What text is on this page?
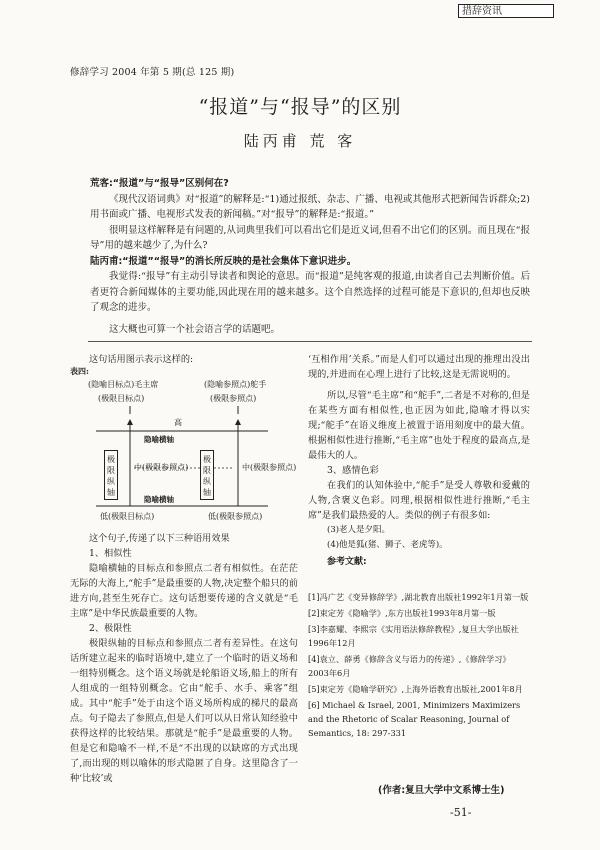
措辞资讯
修辞学习 2004 年第 5 期(总 125 期)
“报道”与“报导”的区别
陆丙甫 荒 客

荒客:“报道”与“报导”区别何在?

《现代汉语词典》对“报道”的解释是:“1)通过报纸、杂志、广播、电视或其他形式把新闻告诉群众;2)用书面或广播、电视形式发表的新闻稿。”对“报导”的解释是:“报道。”

很明显这样解释是有问题的,从词典里我们可以看出它们是近义词,但看不出它们的区别。而且现在“报导”用的越来越少了,为什么?

陆丙甫:“报道”“报导”的消长所反映的是社会集体下意识进步。

我觉得:“报导”有主动引导读者和舆论的意思。而“报道”是纯客观的报道,由读者自己去判断价值。后者更符合新闻媒体的主要功能,因此现在用的越来越多。这个自然选择的过程可能是下意识的,但却也反映了观念的进步。

这大概也可算一个社会语言学的话题吧。

这句话用图示表示这样的:

表四:
(隐喻目标点)毛主席
(极限目标点)
(隐喻参照点)舵手
(极限参照点)
高
隐喻横轴
极限纵轴
极限纵轴
中(极限参照点)	中(极限参照点)
隐喻横轴
低(极限目标点)	低(极限参照点)

这个句子,传递了以下三种语用效果

1、相似性

隐喻横轴的目标点和参照点二者有相似性。在茫茫无际的大海上,“舵手”是最重要的人物,决定整个船只的前进方向,甚至生死存亡。这句话想要传递的含义就是“毛主席”是中华民族最重要的人物。

2、极限性

极限纵轴的目标点和参照点二者有差异性。在这句话所建立起来的临时语境中,建立了一个临时的语义场和一组特别概念。这个语义场就是轮船语义场,船上的所有人组成的一组特别概念。它由“舵手、水手、乘客”组成。其中“舵手”处于由这个语义场所构成的梯尺的最高点。句子隐去了参照点,但是人们可以从日常认知经验中获得这样的比较结果。那就是“舵手”是最重要的人物。但是它和隐喻不一样,不是“不出现的以缺席的方式出现了,而出现的则以喻体的形式隐匿了自身。这里隐含了一种‘比较’或

‘互相作用’关系。”而是人们可以通过出现的推理出没出现的,并进而在心理上进行了比较,这是无需说明的。

所以,尽管“毛主席”和“舵手”,二者是不对称的,但是在某些方面有相似性,也正因为如此,隐喻才得以实现;“舵手”在语义维度上被置于语用刻度中的最大值。根据相似性进行推断,“毛主席”也处于程度的最高点,是最伟大的人。

3、感情色彩

在我们的认知体验中,“舵手”是受人尊敬和爱戴的人物,含褒义色彩。同理,根据相似性进行推断,“毛主席”是我们最热爱的人。类似的例子有很多如:

(3)老人是夕阳。

(4)他是狐(猪、狮子、老虎等)。

参考文献:

[1]冯广艺《变异修辞学》,湖北教育出版社1992年1月第一版

[2]束定芳《隐喻学》,东方出版社1993年8月第一版

[3]李嘉耀、李熙宗《实用语法修辞教程》,复旦大学出版社1996年12月

[4]袁立、薛勇《修辞含义与语力的传递》,《修辞学习》2003年6月

[5]束定芳《隐喻学研究》,上海外语教育出版社,2001年8月

[6] Michael & Israel, 2001, Minimizers Maximizers and the Rhetoric of Scalar Reasoning, Journal of Semantics, 18: 297-331

(作者:复旦大学中文系博士生)
-51-
